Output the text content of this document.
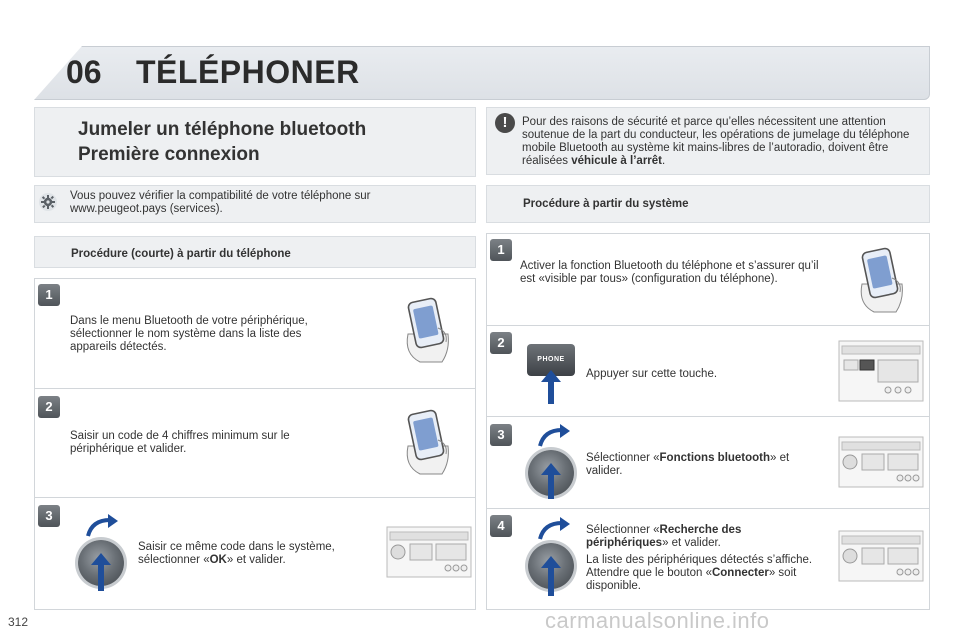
06 TÉLÉPHONER
Jumeler un téléphone bluetooth
Première connexion
!	Pour des raisons de sécurité et parce qu’elles nécessitent une attention soutenue de la part du conducteur, les opérations de jumelage du téléphone mobile Bluetooth au système kit mains-libres de l’autoradio, doivent être réalisées véhicule à l’arrêt.
Vous pouvez vérifier la compatibilité de votre téléphone sur www.peugeot.pays (services).
Procédure (courte) à partir du téléphone
Procédure à partir du système
1
Dans le menu Bluetooth de votre périphérique, sélectionner le nom système dans la liste des appareils détectés.
2
Saisir un code de 4 chiffres minimum sur le périphérique et valider.
3
Saisir ce même code dans le système, sélectionner «OK» et valider.
1
Activer la fonction Bluetooth du téléphone et s’assurer qu’il est «visible par tous» (configuration du téléphone).
2
PHONE
Appuyer sur cette touche.
3
Sélectionner «Fonctions bluetooth» et valider.
4	Sélectionner «Recherche des périphériques» et valider.
La liste des périphériques détectés s’affiche. Attendre que le bouton «Connecter» soit disponible.
312	carmanualsonline.info
